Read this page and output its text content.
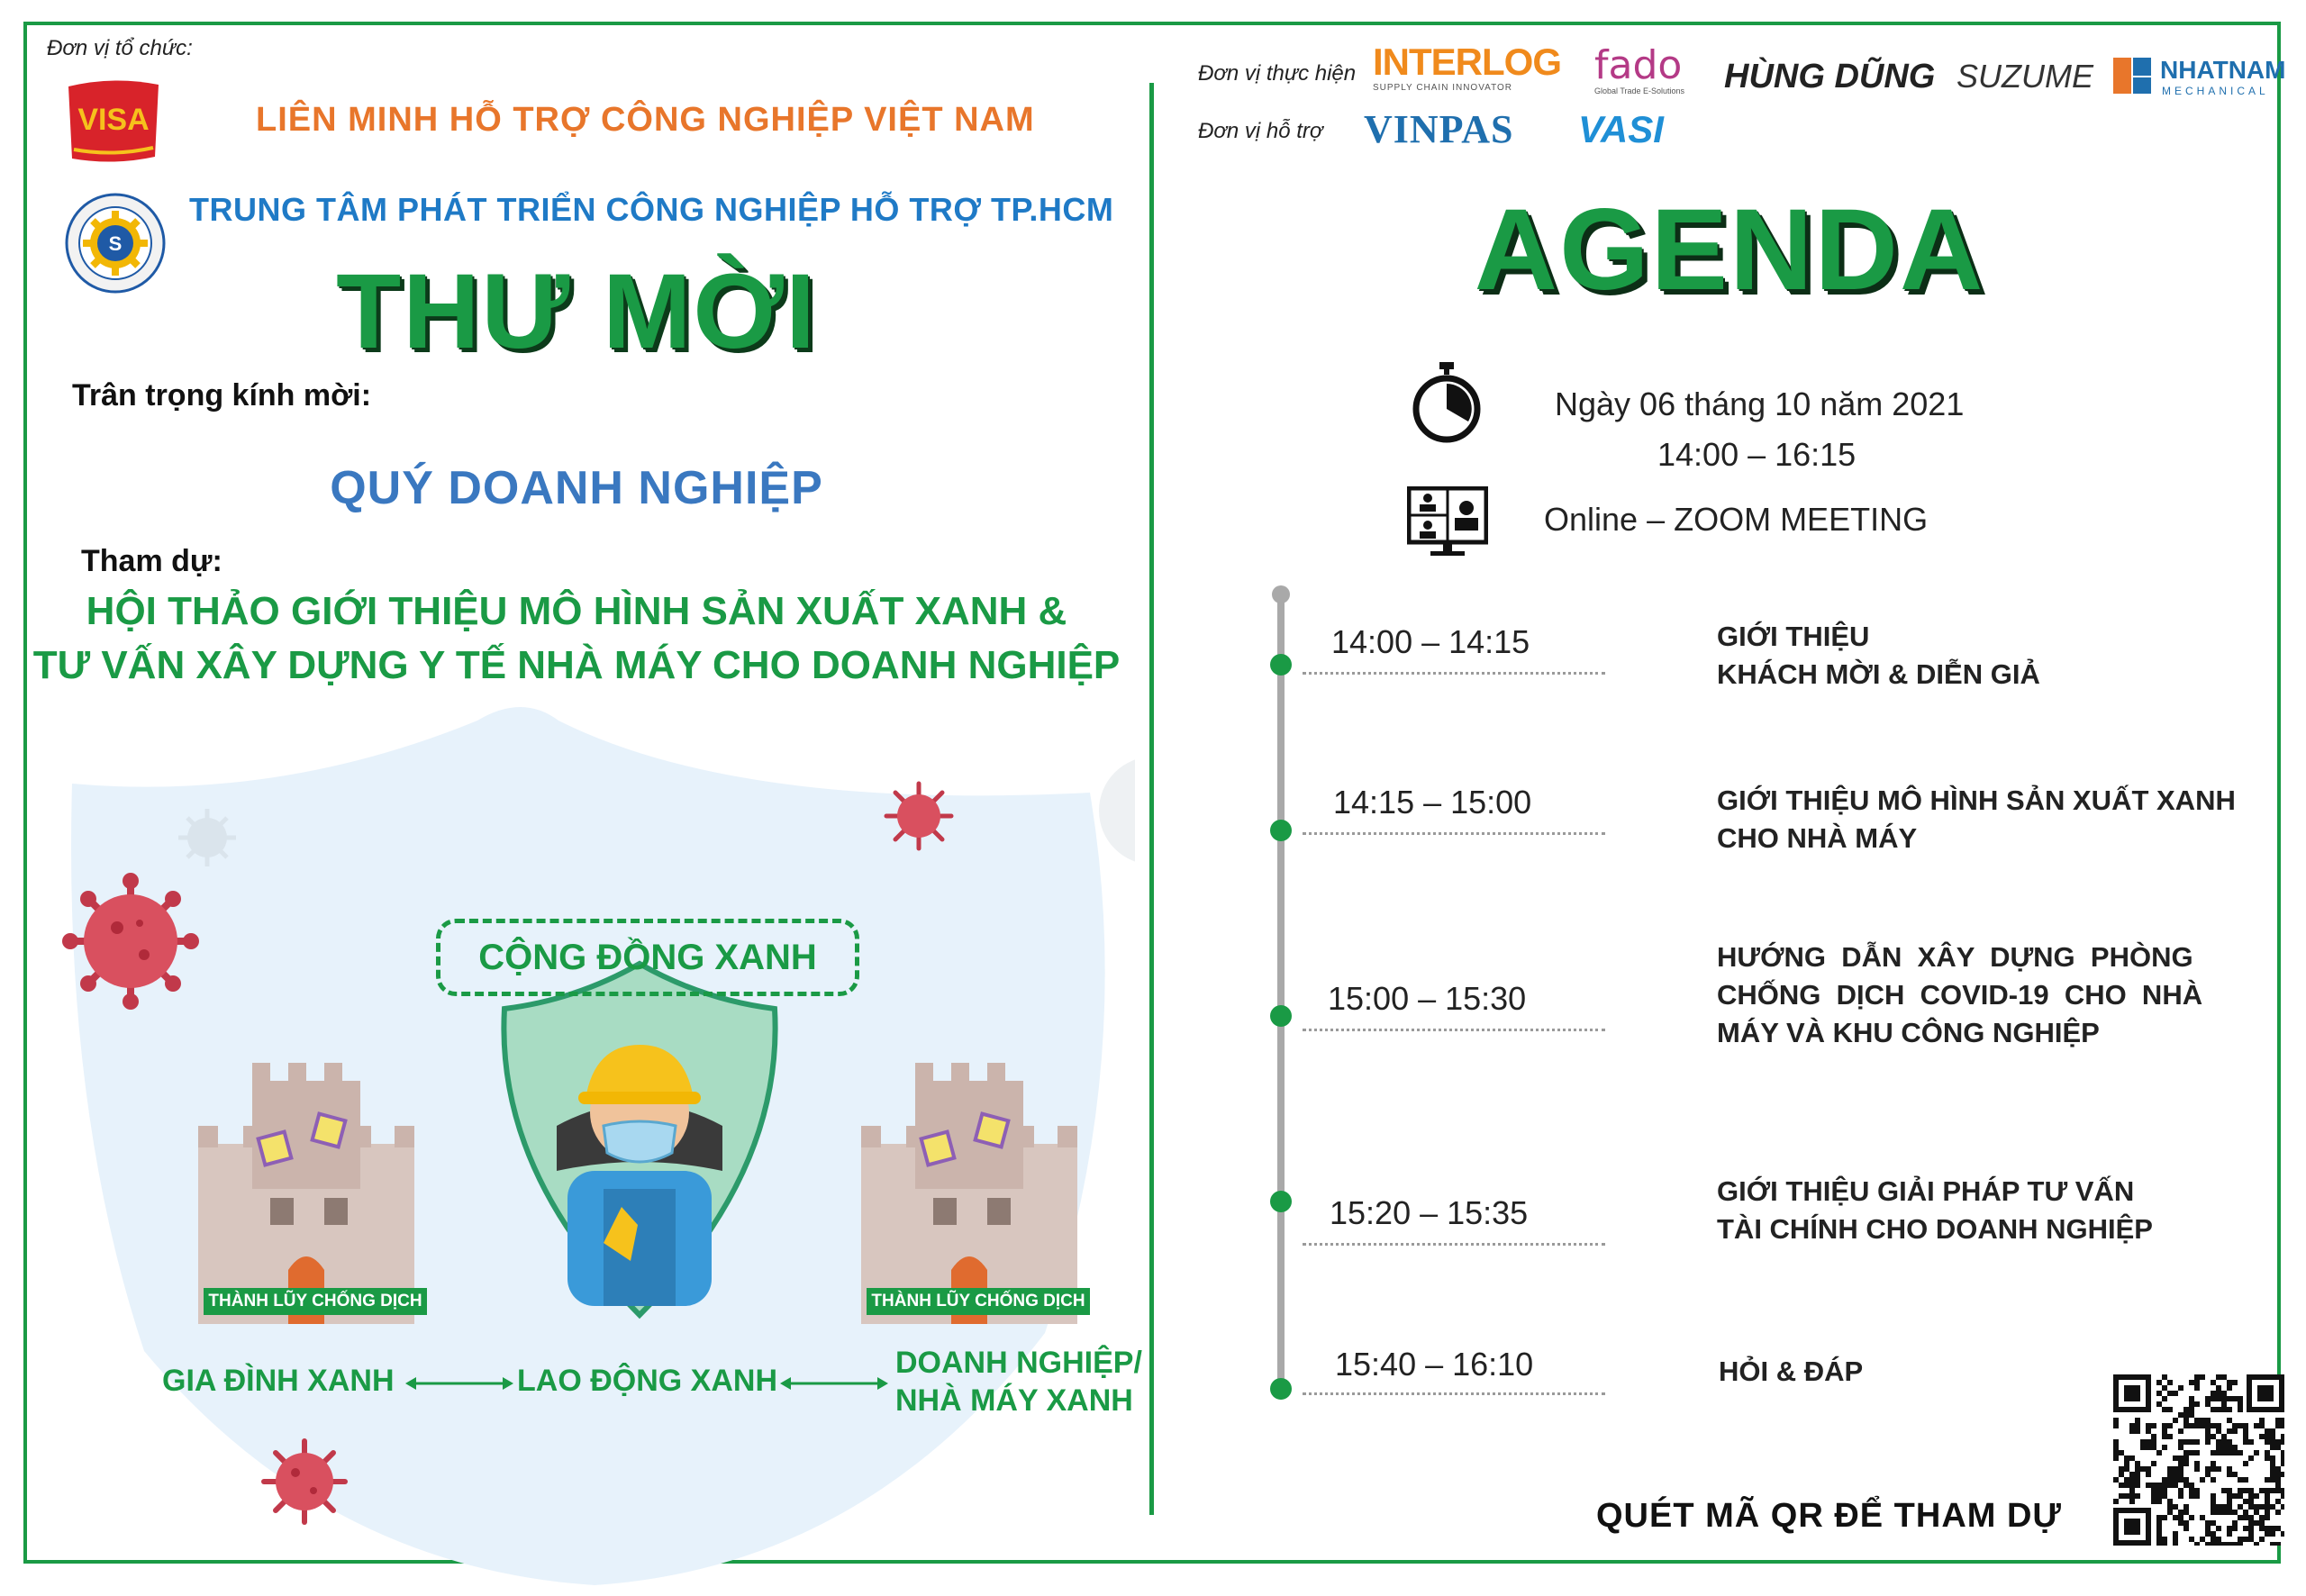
Đơn vị tổ chức:
VISA	LIÊN MINH HỖ TRỢ CÔNG NGHIỆP VIỆT NAM
S
TRUNG TÂM PHÁT TRIỂN CÔNG NGHIỆP HỖ TRỢ TP.HCM
THƯ MỜI
Trân trọng kính mời:
QUÝ DOANH NGHIỆP
Tham dự:
HỘI THẢO GIỚI THIỆU MÔ HÌNH SẢN XUẤT XANH &
TƯ VẤN XÂY DỰNG Y TẾ NHÀ MÁY CHO DOANH NGHIỆP
CỘNG ĐỒNG XANH
THÀNH LŨY CHỐNG DỊCH	THÀNH LŨY CHỐNG DỊCH
GIA ĐÌNH XANH	LAO ĐỘNG XANH
DOANH NGHIỆP/
NHÀ MÁY XANH
Đơn vị thực hiện
Đơn vị hỗ trợ
INTERLOG
SUPPLY CHAIN INNOVATOR	fado
Global Trade E-Solutions HÙNG DŨNG SUZUME	NHATNAM
MECHANICAL
VINPAS VASI
AGENDA
Ngày 06 tháng 10 năm 2021
14:00 – 16:15
Online – ZOOM MEETING
14:00 – 14:15	GIỚI THIỆU
KHÁCH MỜI & DIỄN GIẢ
14:15 – 15:00	GIỚI THIỆU MÔ HÌNH SẢN XUẤT XANH
CHO NHÀ MÁY
15:00 – 15:30
HƯỚNG  DẪN  XÂY  DỰNG  PHÒNG
CHỐNG  DỊCH  COVID-19  CHO  NHÀ
MÁY VÀ KHU CÔNG NGHIỆP
15:20 – 15:35
GIỚI THIỆU GIẢI PHÁP TƯ VẤN
TÀI CHÍNH CHO DOANH NGHIỆP
15:40 – 16:10	HỎI & ĐÁP
QUÉT MÃ QR ĐỂ THAM DỰ
